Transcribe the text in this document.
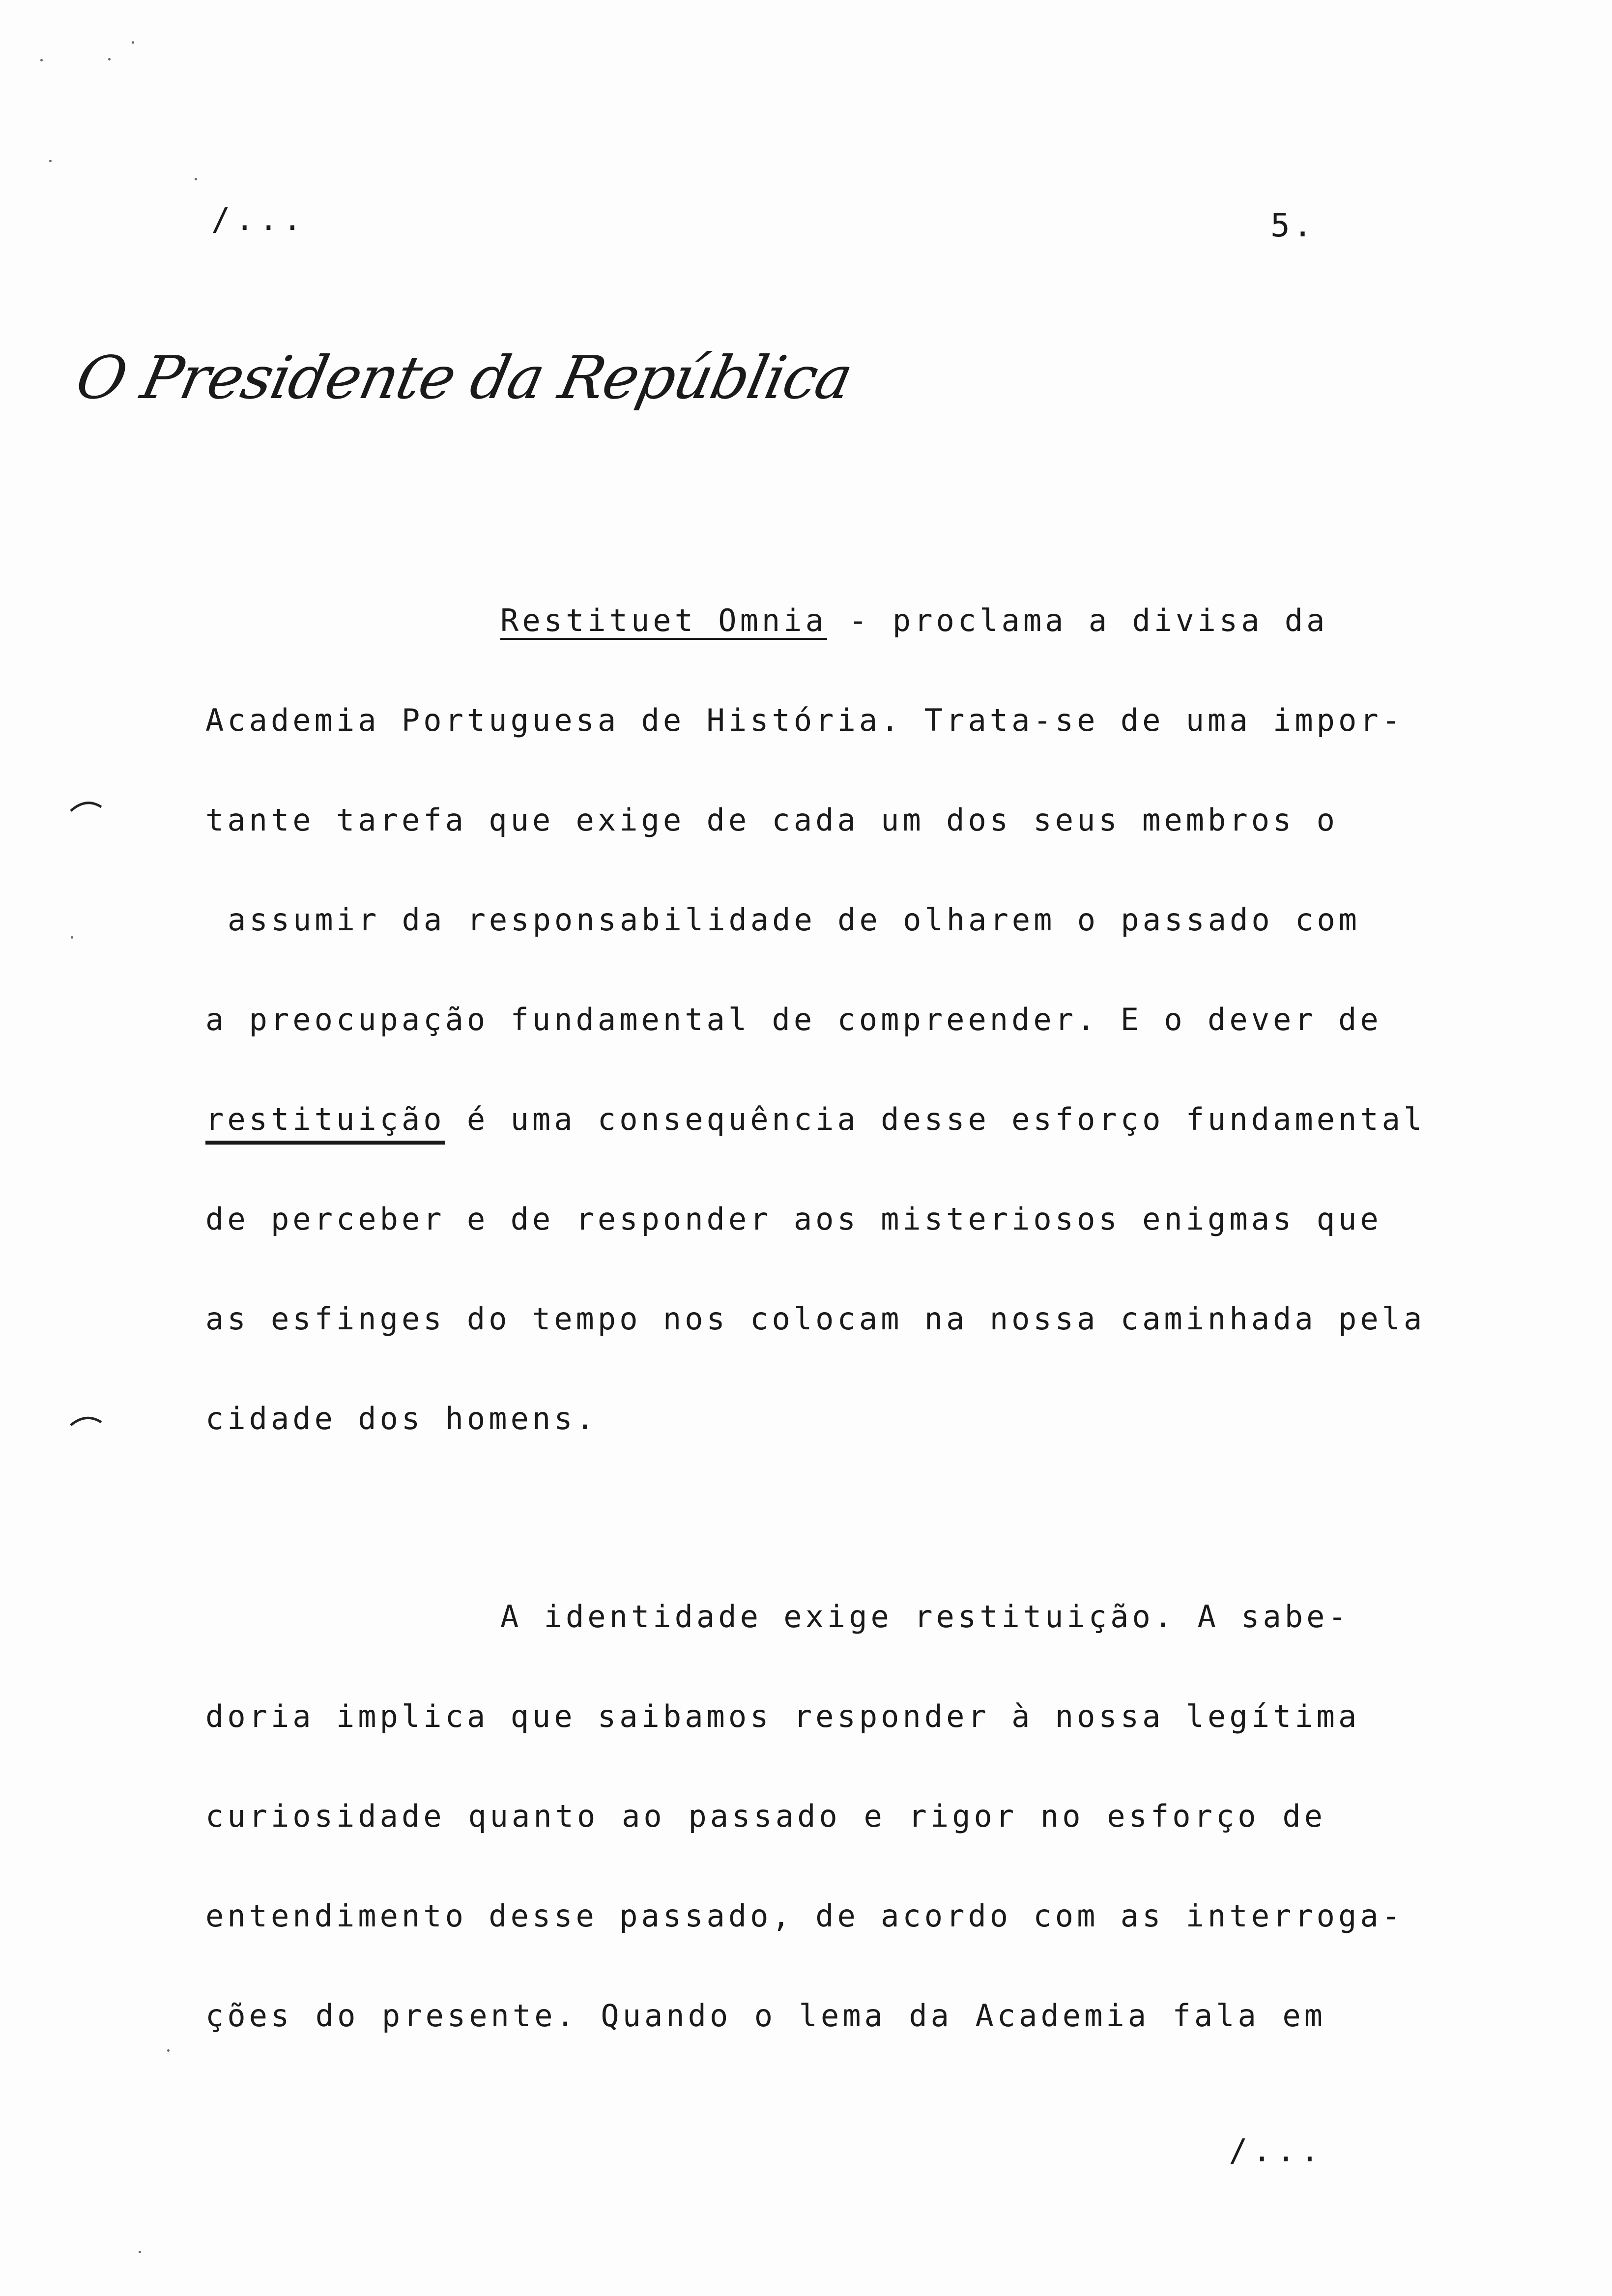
/...	5.
O Presidente da República
Restituet Omnia - proclama a divisa da
Academia Portuguesa de História. Trata-se de uma impor-
tante tarefa que exige de cada um dos seus membros o
assumir da responsabilidade de olharem o passado com
a preocupação fundamental de compreender. E o dever de
restituição é uma consequência desse esforço fundamental
de perceber e de responder aos misteriosos enigmas que
as esfinges do tempo nos colocam na nossa caminhada pela
cidade dos homens.
A identidade exige restituição. A sabe-
doria implica que saibamos responder à nossa legítima
curiosidade quanto ao passado e rigor no esforço de
entendimento desse passado, de acordo com as interroga-
ções do presente. Quando o lema da Academia fala em
/...
